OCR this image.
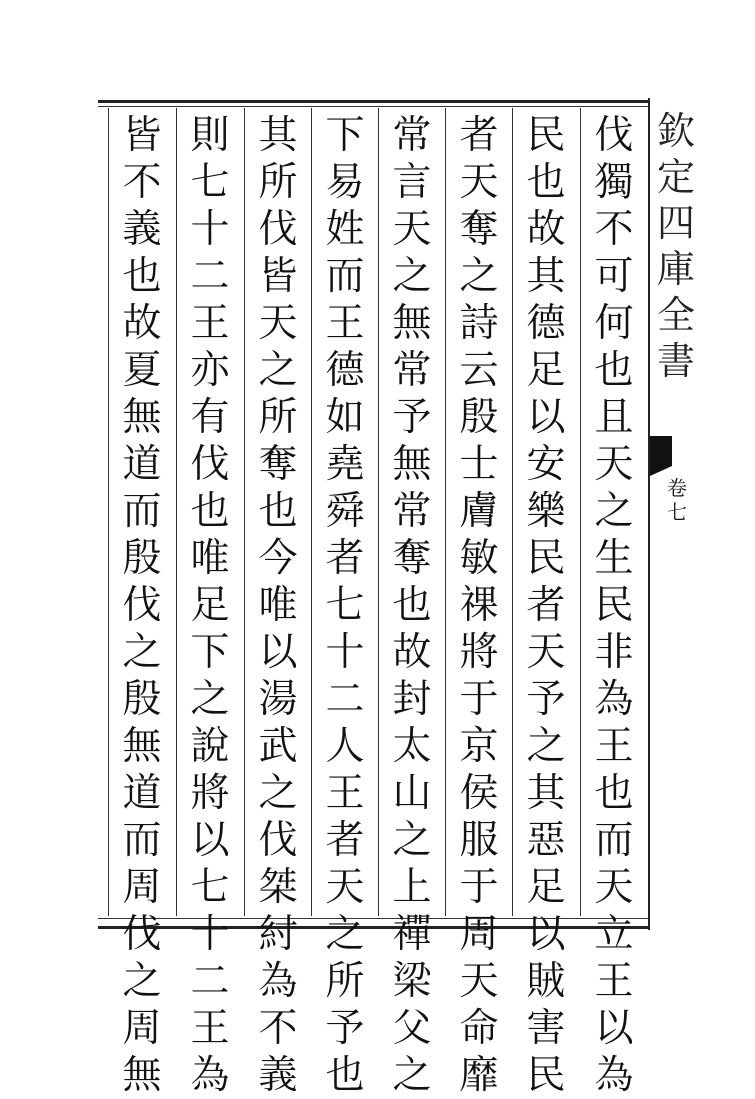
伐
獨
不
可
何
也
且
天
之
生
民
非
為
王
也
而
天
立
王
以
為
民
也
故
其
德
足
以
安
樂
民
者
天
予
之
其
惡
足
以
賊
害
民
者
天
奪
之
詩
云
殷
士
膚
敏
祼
將
于
京
侯
服
于
周
天
命
靡
常
言
天
之
無
常
予
無
常
奪
也
故
封
太
山
之
上
禪
梁
父
之
下
易
姓
而
王
德
如
堯
舜
者
七
十
二
人
王
者
天
之
所
予
也
其
所
伐
皆
天
之
所
奪
也
今
唯
以
湯
武
之
伐
桀
紂
為
不
義
則
七
十
二
王
亦
有
伐
也
唯
足
下
之
說
將
以
七
十
二
王
為
皆
不
義
也
故
夏
無
道
而
殷
伐
之
殷
無
道
而
周
伐
之
周
無
欽
定
四
庫
全
書
卷
七
